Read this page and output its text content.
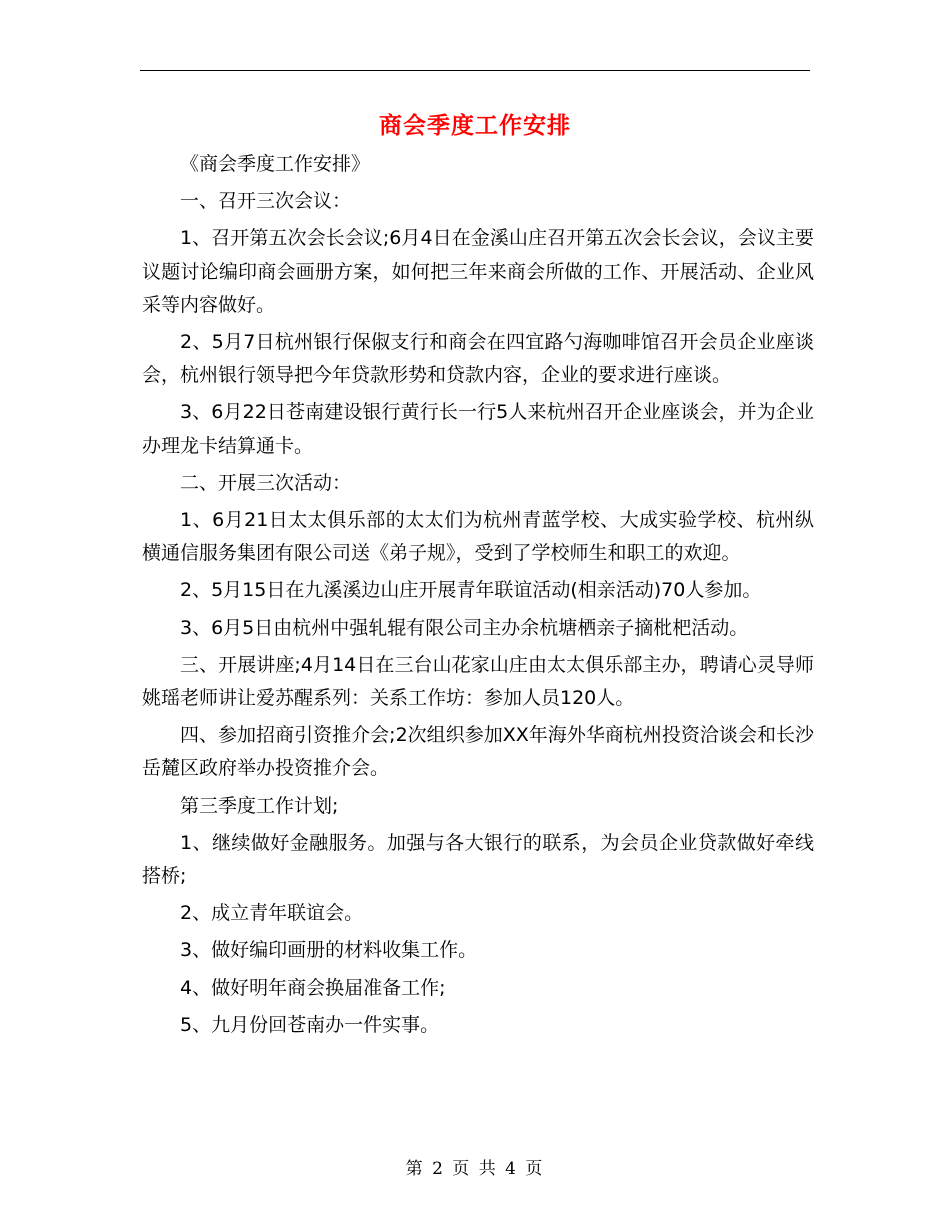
商会季度工作安排

《商会季度工作安排》

一、召开三次会议：

1、召开第五次会长会议;6月4日在金溪山庄召开第五次会长会议，会议主要议题讨论编印商会画册方案，如何把三年来商会所做的工作、开展活动、企业风采等内容做好。

2、5月7日杭州银行保俶支行和商会在四宜路勺海咖啡馆召开会员企业座谈会，杭州银行领导把今年贷款形势和贷款内容，企业的要求进行座谈。

3、6月22日苍南建设银行黄行长一行5人来杭州召开企业座谈会，并为企业办理龙卡结算通卡。

二、开展三次活动：

1、6月21日太太俱乐部的太太们为杭州青蓝学校、大成实验学校、杭州纵横通信服务集团有限公司送《弟子规》，受到了学校师生和职工的欢迎。

2、5月15日在九溪溪边山庄开展青年联谊活动(相亲活动)70人参加。

3、6月5日由杭州中强轧辊有限公司主办余杭塘栖亲子摘枇杷活动。

三、开展讲座;4月14日在三台山花家山庄由太太俱乐部主办，聘请心灵导师姚瑶老师讲让爱苏醒系列：关系工作坊：参加人员120人。

四、参加招商引资推介会;2次组织参加XX年海外华商杭州投资洽谈会和长沙岳麓区政府举办投资推介会。

第三季度工作计划;

1、继续做好金融服务。加强与各大银行的联系，为会员企业贷款做好牵线搭桥;

2、成立青年联谊会。

3、做好编印画册的材料收集工作。

4、做好明年商会换届准备工作;

5、九月份回苍南办一件实事。

第 2 页 共 4 页
